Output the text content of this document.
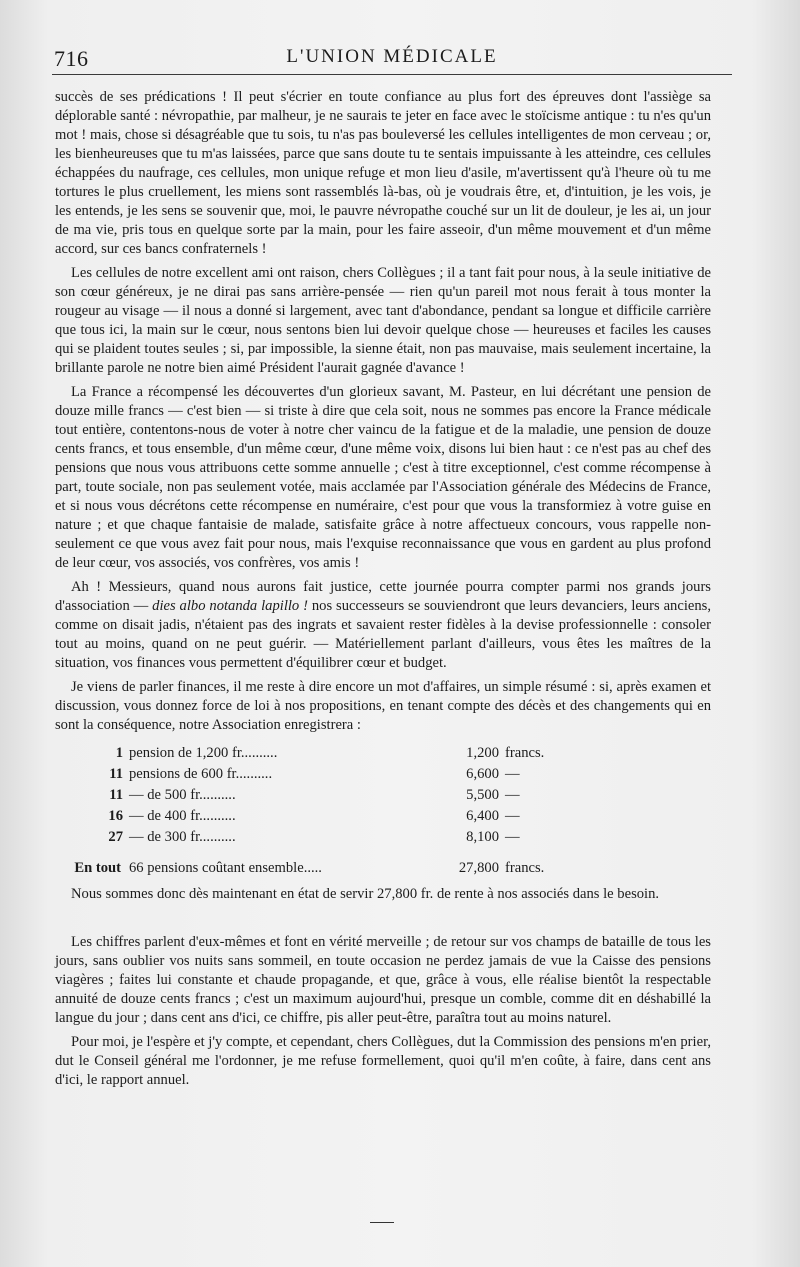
716	L'UNION MÉDICALE

succès de ses prédications ! Il peut s'écrier en toute confiance au plus fort des épreuves dont l'assiège sa déplorable santé : névropathie, par malheur, je ne saurais te jeter en face avec le stoïcisme antique : tu n'es qu'un mot ! mais, chose si désagréable que tu sois, tu n'as pas bouleversé les cellules intelligentes de mon cerveau ; or, les bienheureuses que tu m'as laissées, parce que sans doute tu te sentais impuissante à les atteindre, ces cellules échappées du naufrage, ces cellules, mon unique refuge et mon lieu d'asile, m'avertissent qu'à l'heure où tu me tortures le plus cruellement, les miens sont rassemblés là-bas, où je voudrais être, et, d'intuition, je les vois, je les entends, je les sens se souvenir que, moi, le pauvre névropathe couché sur un lit de douleur, je les ai, un jour de ma vie, pris tous en quelque sorte par la main, pour les faire asseoir, d'un même mouvement et d'un même accord, sur ces bancs confraternels !

Les cellules de notre excellent ami ont raison, chers Collègues ; il a tant fait pour nous, à la seule initiative de son cœur généreux, je ne dirai pas sans arrière-pensée — rien qu'un pareil mot nous ferait à tous monter la rougeur au visage — il nous a donné si largement, avec tant d'abondance, pendant sa longue et difficile carrière que tous ici, la main sur le cœur, nous sentons bien lui devoir quelque chose — heureuses et faciles les causes qui se plaident toutes seules ; si, par impossible, la sienne était, non pas mauvaise, mais seulement incertaine, la brillante parole ne notre bien aimé Président l'aurait gagnée d'avance !

La France a récompensé les découvertes d'un glorieux savant, M. Pasteur, en lui décrétant une pension de douze mille francs — c'est bien — si triste à dire que cela soit, nous ne sommes pas encore la France médicale tout entière, contentons-nous de voter à notre cher vaincu de la fatigue et de la maladie, une pension de douze cents francs, et tous ensemble, d'un même cœur, d'une même voix, disons lui bien haut : ce n'est pas au chef des pensions que nous vous attribuons cette somme annuelle ; c'est à titre exceptionnel, c'est comme récompense à part, toute sociale, non pas seulement votée, mais acclamée par l'Association générale des Médecins de France, et si nous vous décrétons cette récompense en numéraire, c'est pour que vous la transformiez à votre guise en nature ; et que chaque fantaisie de malade, satisfaite grâce à notre affectueux concours, vous rappelle non-seulement ce que vous avez fait pour nous, mais l'exquise reconnaissance que vous en gardent au plus profond de leur cœur, vos associés, vos confrères, vos amis !

Ah ! Messieurs, quand nous aurons fait justice, cette journée pourra compter parmi nos grands jours d'association — dies albo notanda lapillo ! nos successeurs se souviendront que leurs devanciers, leurs anciens, comme on disait jadis, n'étaient pas des ingrats et savaient rester fidèles à la devise professionnelle : consoler tout au moins, quand on ne peut guérir. — Matériellement parlant d'ailleurs, vous êtes les maîtres de la situation, vos finances vous permettent d'équilibrer cœur et budget.

Je viens de parler finances, il me reste à dire encore un mot d'affaires, un simple résumé : si, après examen et discussion, vous donnez force de loi à nos propositions, en tenant compte des décès et des changements qui en sont la conséquence, notre Association enregistrera :

1	pension de 1,200 fr..........	1,200	francs.
11	pensions de 600 fr..........	6,600	—
11	— de 500 fr..........	5,500	—
16	— de 400 fr..........	6,400	—
27	— de 300 fr..........	8,100	—
En tout	66 pensions coûtant ensemble.....	27,800	francs.

Nous sommes donc dès maintenant en état de servir 27,800 fr. de rente à nos associés dans le besoin.

Les chiffres parlent d'eux-mêmes et font en vérité merveille ; de retour sur vos champs de bataille de tous les jours, sans oublier vos nuits sans sommeil, en toute occasion ne perdez jamais de vue la Caisse des pensions viagères ; faites lui constante et chaude propagande, et que, grâce à vous, elle réalise bientôt la respectable annuité de douze cents francs ; c'est un maximum aujourd'hui, presque un comble, comme dit en déshabillé la langue du jour ; dans cent ans d'ici, ce chiffre, pis aller peut-être, paraîtra tout au moins naturel.

Pour moi, je l'espère et j'y compte, et cependant, chers Collègues, dut la Commission des pensions m'en prier, dut le Conseil général me l'ordonner, je me refuse formellement, quoi qu'il m'en coûte, à faire, dans cent ans d'ici, le rapport annuel.
